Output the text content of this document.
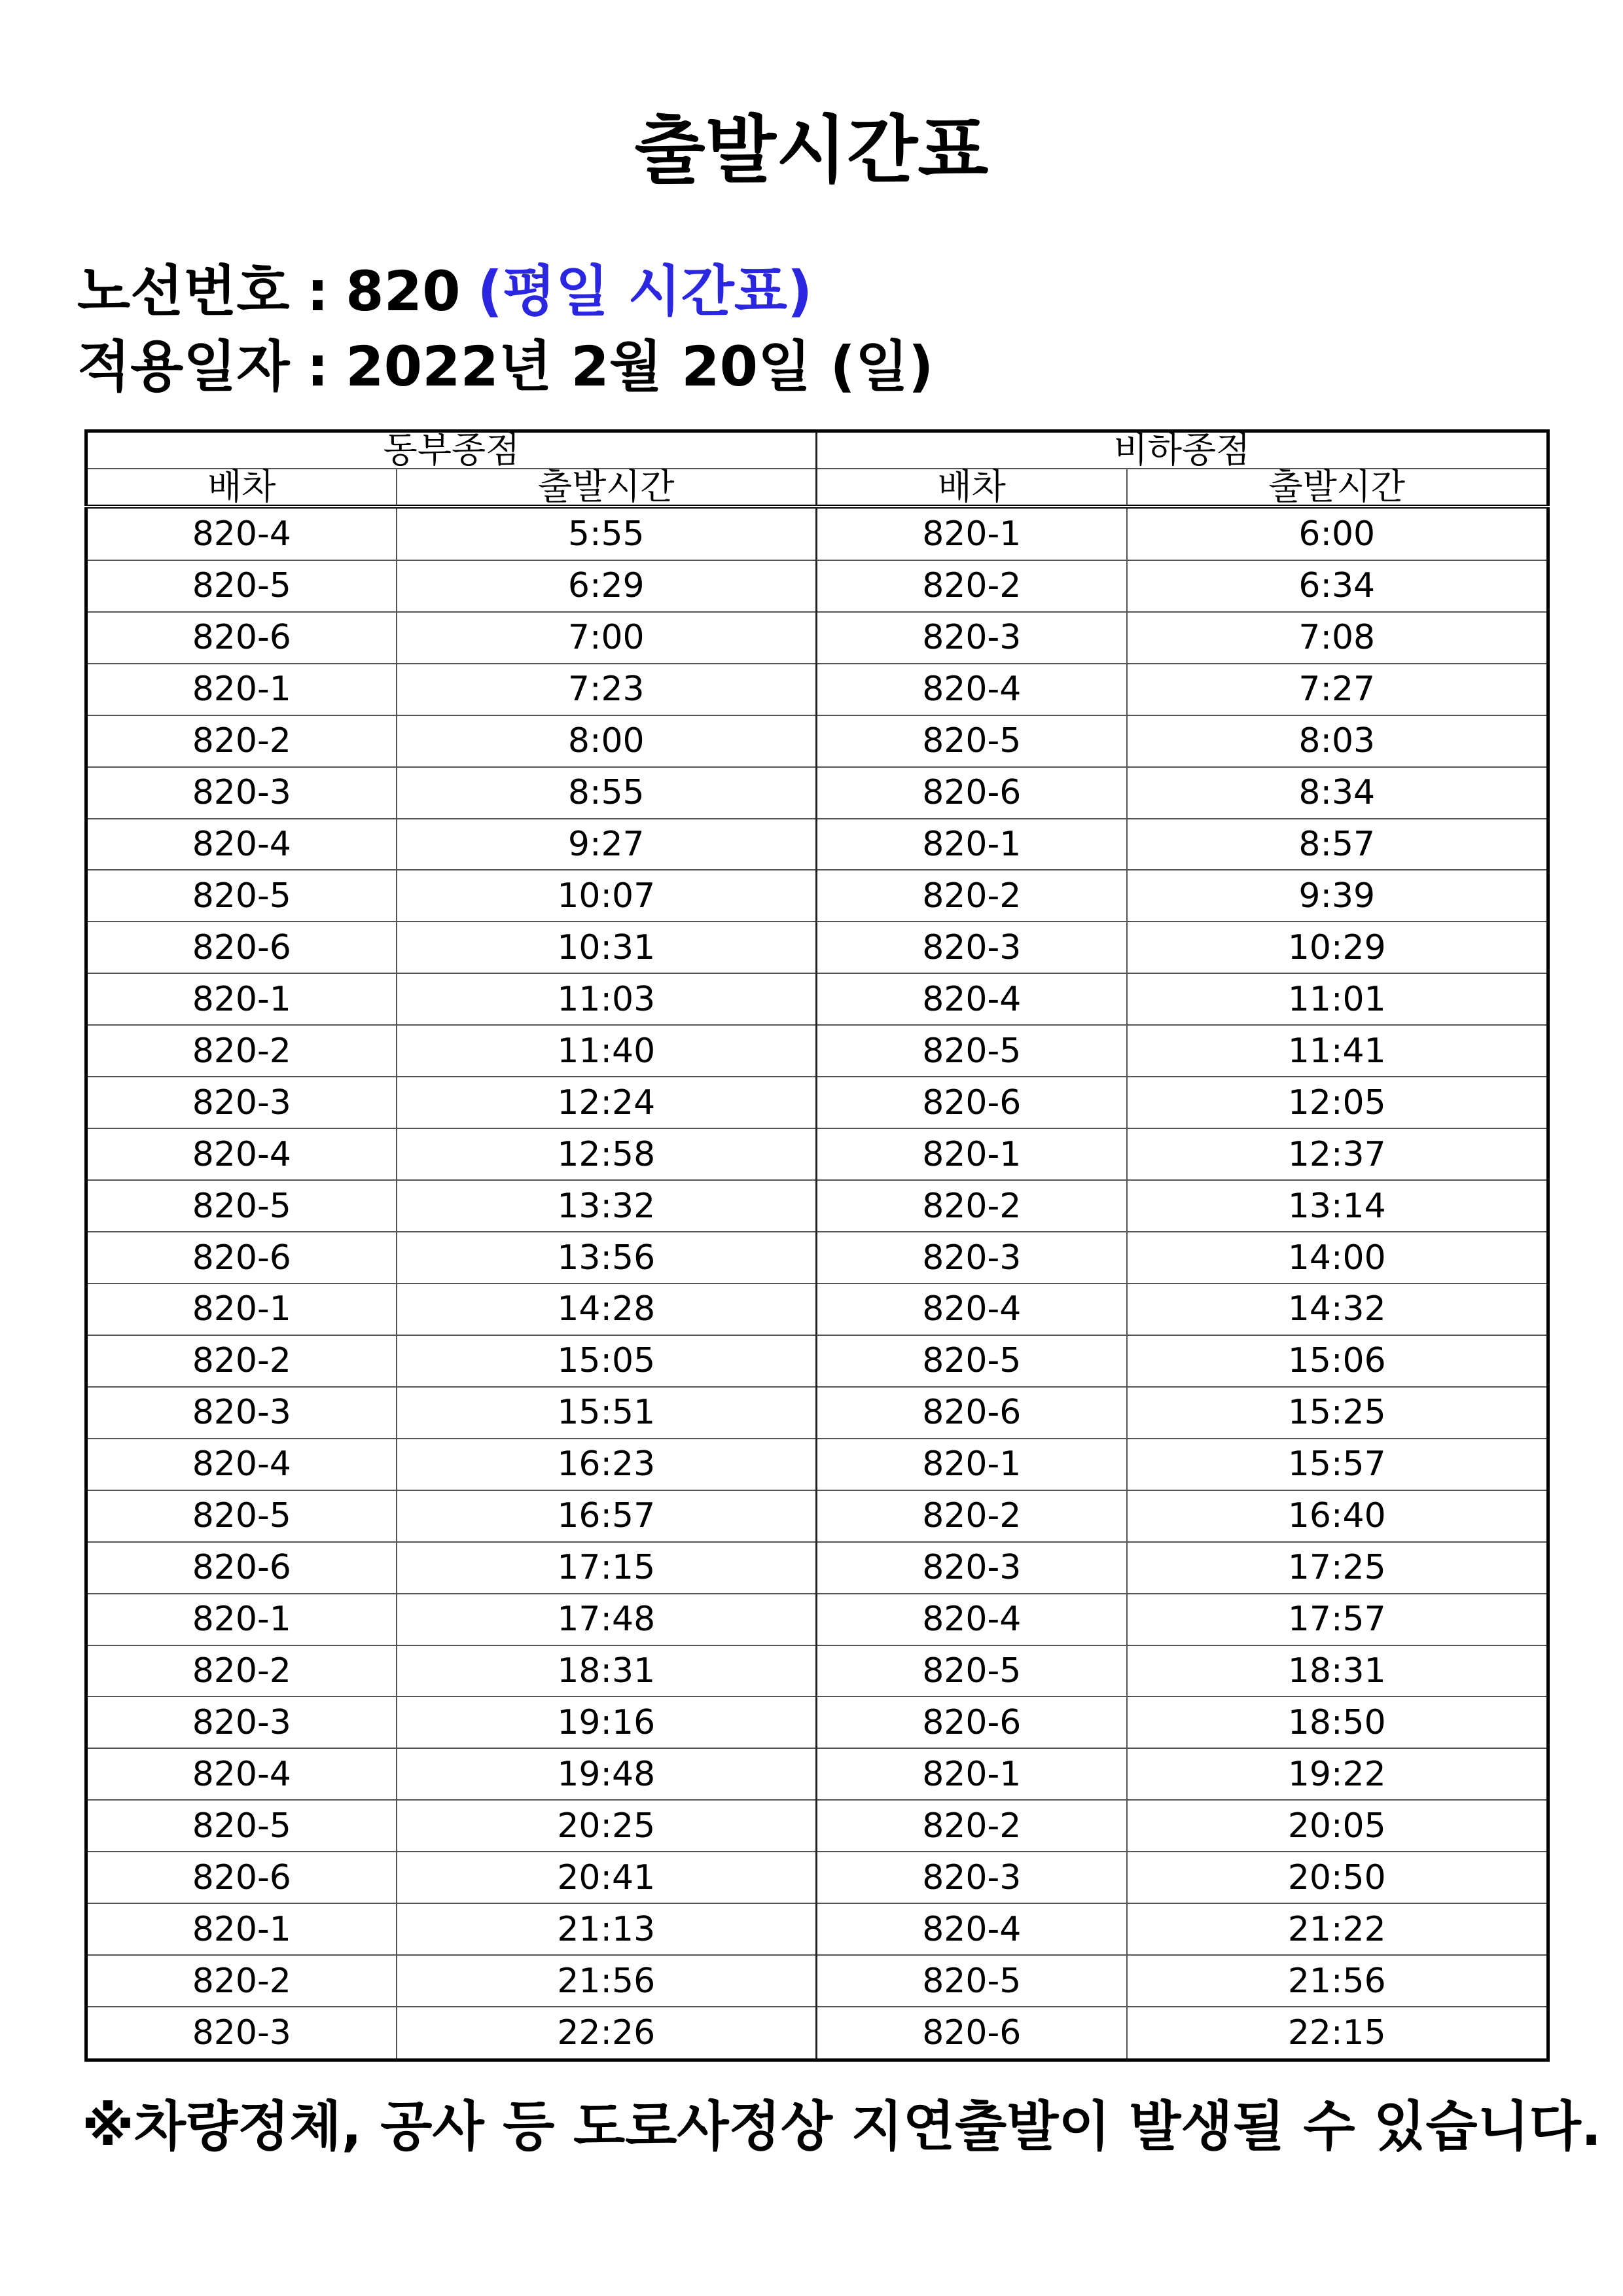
출발시간표
노선번호 : 820 (평일 시간표)
적용일자 : 2022년 2월 20일 (일)
동부종점		비하종점	
배차	출발시간	배차	출발시간
820-4	5:55	820-1	6:00
820-5	6:29	820-2	6:34
820-6	7:00	820-3	7:08
820-1	7:23	820-4	7:27
820-2	8:00	820-5	8:03
820-3	8:55	820-6	8:34
820-4	9:27	820-1	8:57
820-5	10:07	820-2	9:39
820-6	10:31	820-3	10:29
820-1	11:03	820-4	11:01
820-2	11:40	820-5	11:41
820-3	12:24	820-6	12:05
820-4	12:58	820-1	12:37
820-5	13:32	820-2	13:14
820-6	13:56	820-3	14:00
820-1	14:28	820-4	14:32
820-2	15:05	820-5	15:06
820-3	15:51	820-6	15:25
820-4	16:23	820-1	15:57
820-5	16:57	820-2	16:40
820-6	17:15	820-3	17:25
820-1	17:48	820-4	17:57
820-2	18:31	820-5	18:31
820-3	19:16	820-6	18:50
820-4	19:48	820-1	19:22
820-5	20:25	820-2	20:05
820-6	20:41	820-3	20:50
820-1	21:13	820-4	21:22
820-2	21:56	820-5	21:56
820-3	22:26	820-6	22:15
※차량정체, 공사 등 도로사정상 지연출발이 발생될 수 있습니다.
